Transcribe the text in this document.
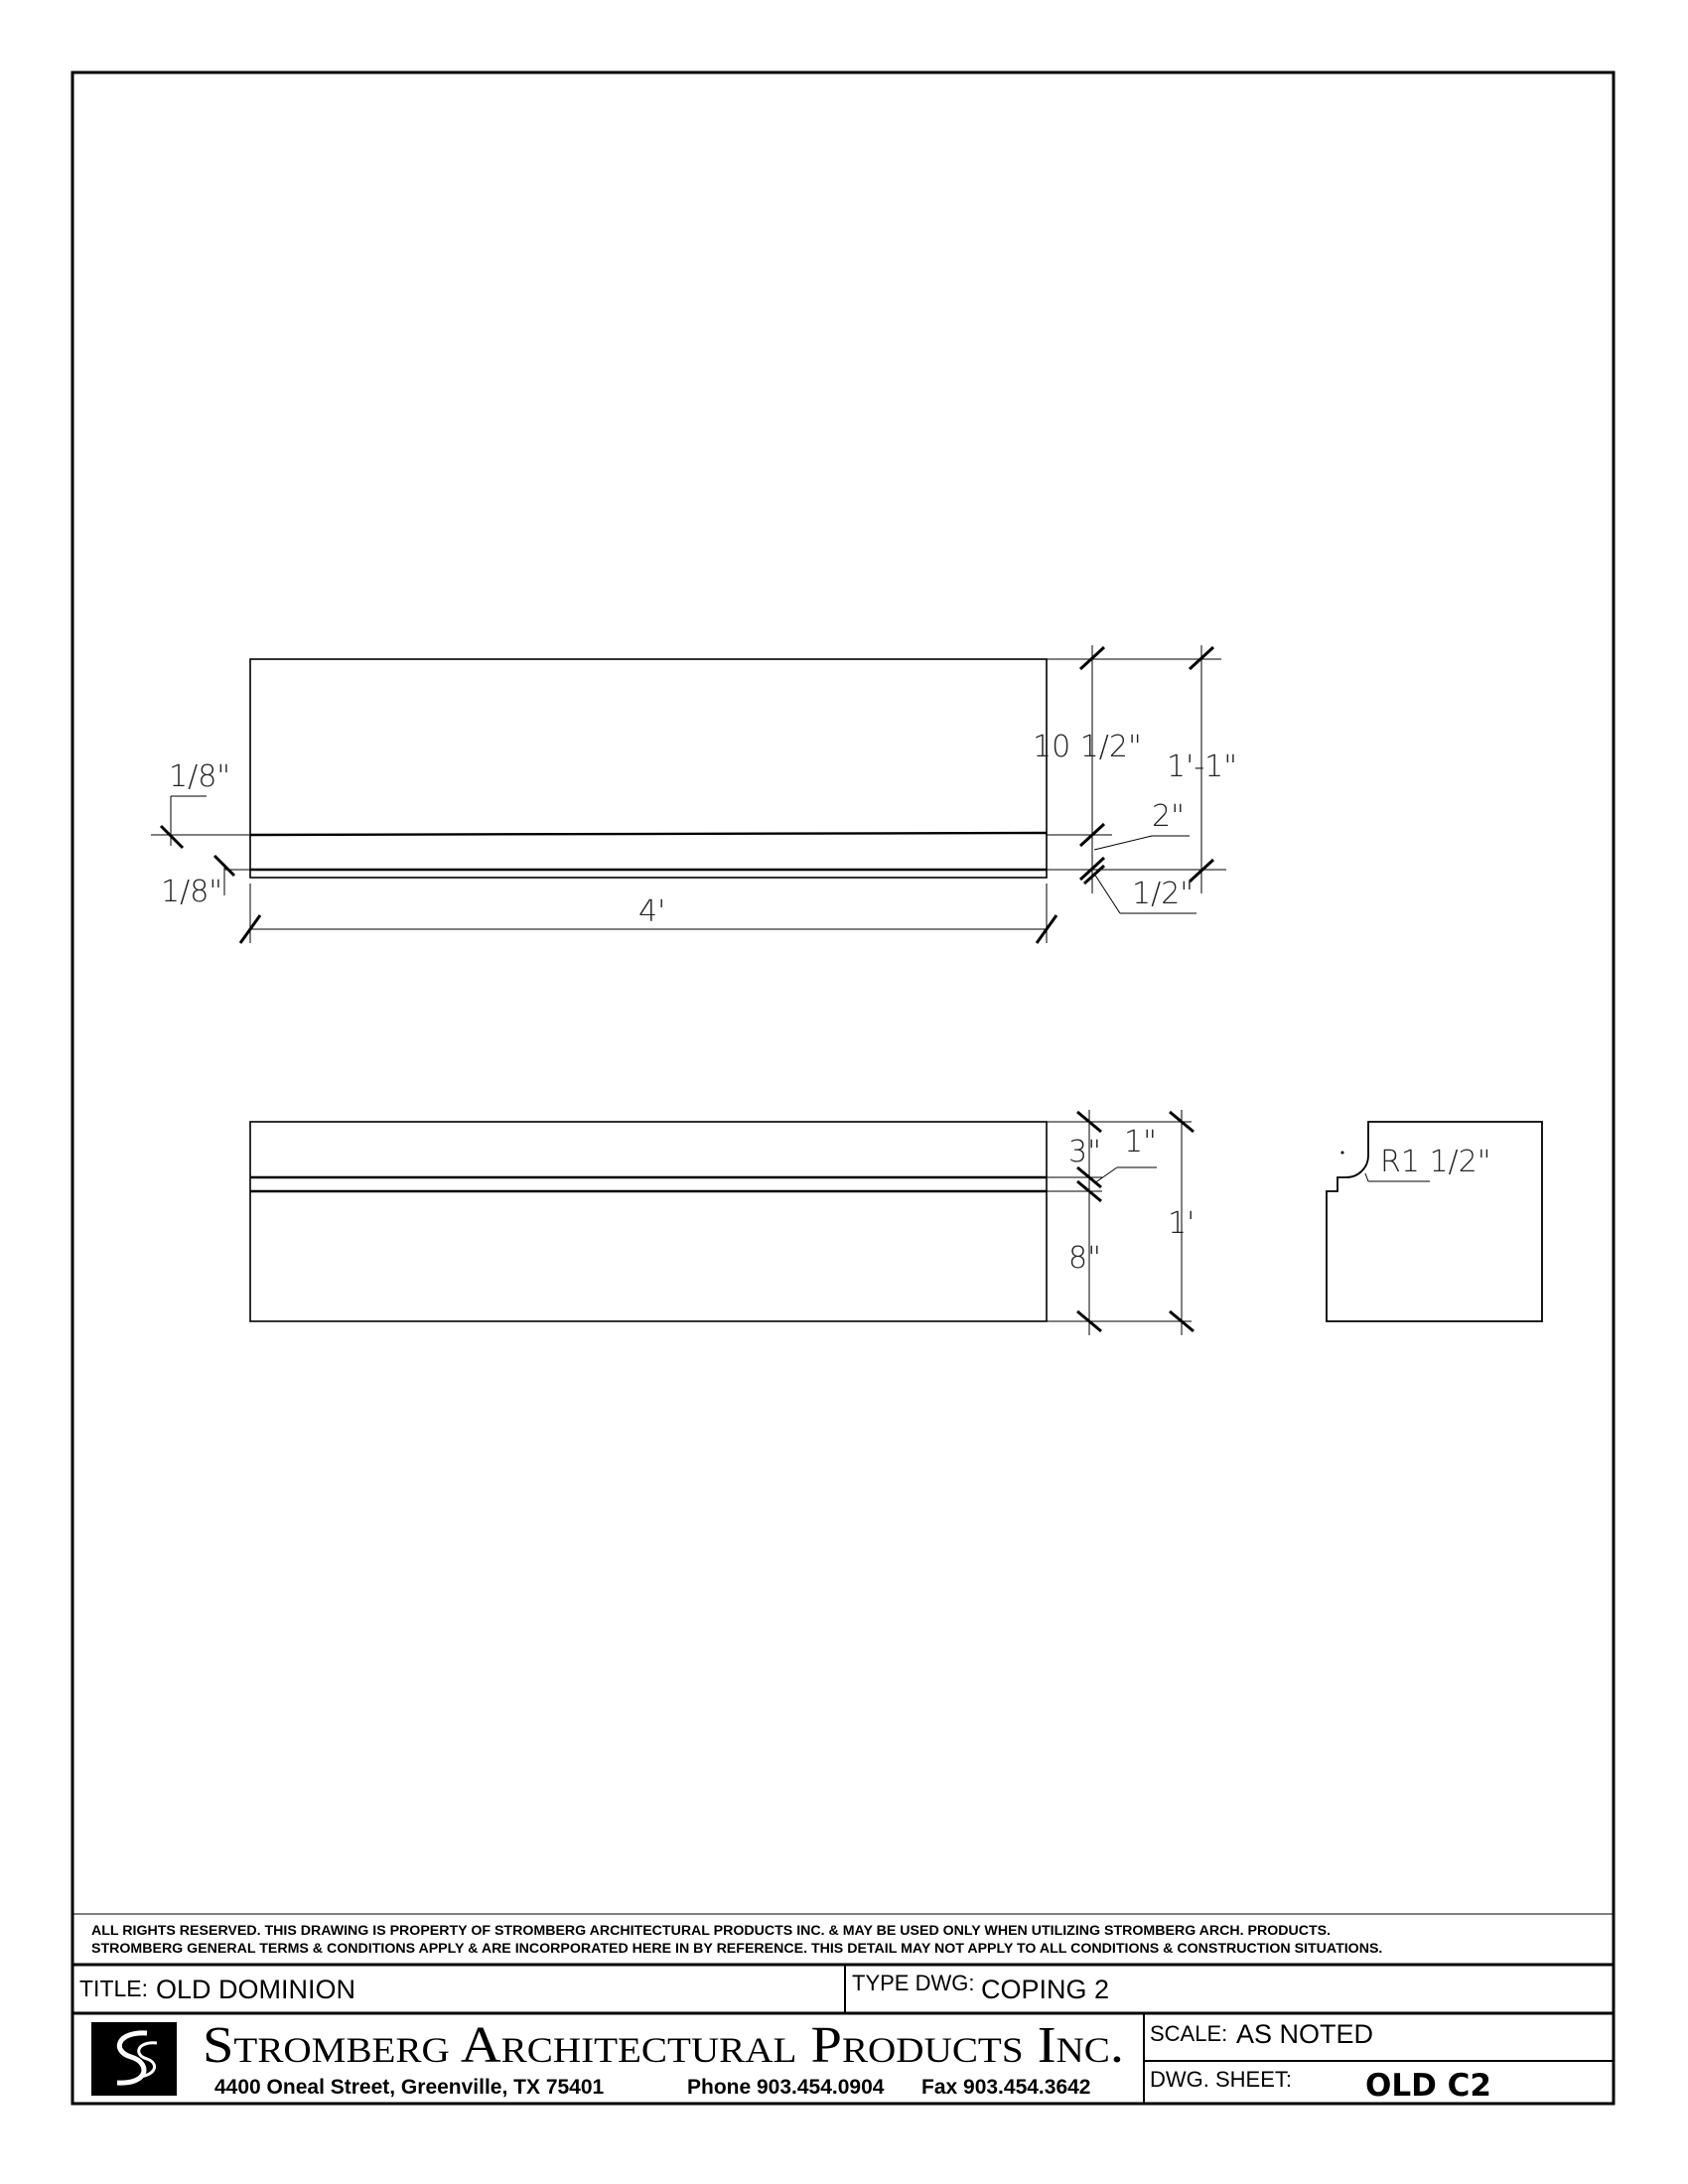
1/8"
1/8"
4'
10 1/2"
1'-1"
2"
1/2"
3" 1"
8"
1'
R1 1/2"
ALL RIGHTS RESERVED. THIS DRAWING IS PROPERTY OF STROMBERG ARCHITECTURAL PRODUCTS INC. & MAY BE USED ONLY WHEN UTILIZING STROMBERG ARCH. PRODUCTS.
STROMBERG GENERAL TERMS & CONDITIONS APPLY & ARE INCORPORATED HERE IN BY REFERENCE. THIS DETAIL MAY NOT APPLY TO ALL CONDITIONS & CONSTRUCTION SITUATIONS.
TITLE: OLD DOMINION	TYPE DWG: COPING 2
Stromberg Architectural Products Inc.
4400 Oneal Street, Greenville, TX 75401	Phone 903.454.0904 Fax 903.454.3642
SCALE: AS NOTED
DWG. SHEET: OLD C2
